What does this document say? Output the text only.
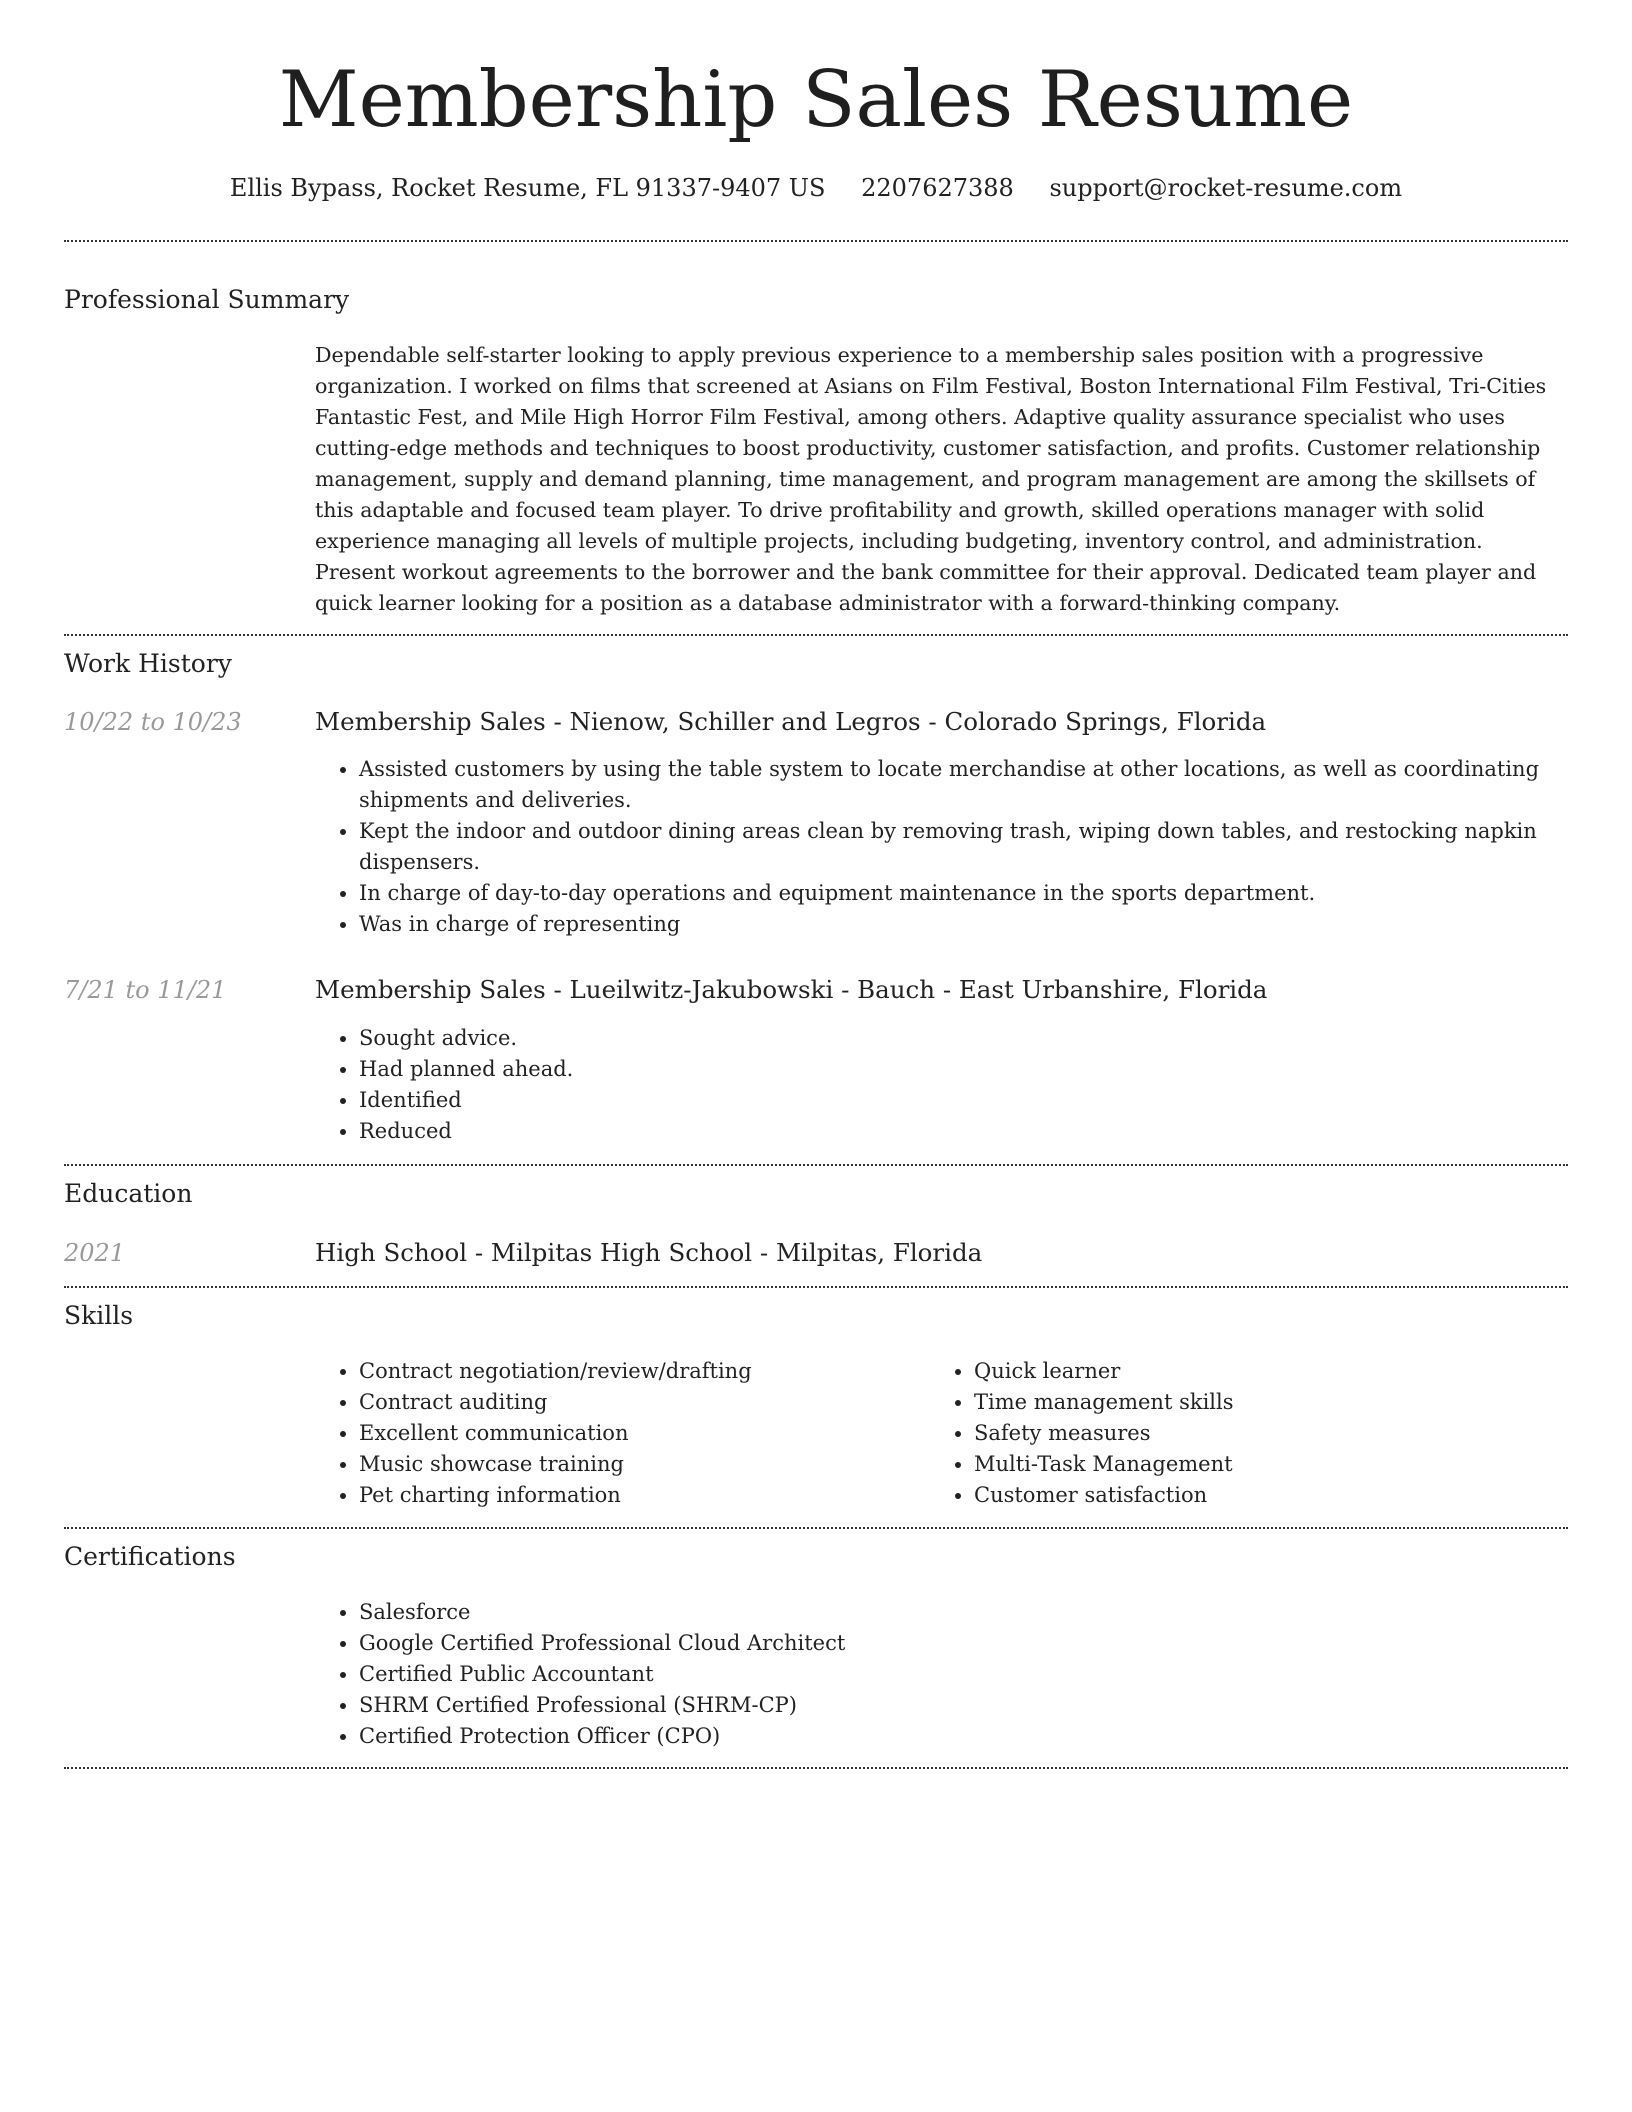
Membership Sales Resume
Ellis Bypass, Rocket Resume, FL 91337-9407 US 2207627388 support@rocket-resume.com
Professional Summary

Dependable self-starter looking to apply previous experience to a membership sales position with a progressive organization. I worked on films that screened at Asians on Film Festival, Boston International Film Festival, Tri-Cities Fantastic Fest, and Mile High Horror Film Festival, among others. Adaptive quality assurance specialist who uses cutting-edge methods and techniques to boost productivity, customer satisfaction, and profits. Customer relationship management, supply and demand planning, time management, and program management are among the skillsets of this adaptable and focused team player. To drive profitability and growth, skilled operations manager with solid experience managing all levels of multiple projects, including budgeting, inventory control, and administration. Present workout agreements to the borrower and the bank committee for their approval. Dedicated team player and quick learner looking for a position as a database administrator with a forward-thinking company.

Work History
10/22 to 10/23	Membership Sales - Nienow, Schiller and Legros - Colorado Springs, Florida
• Assisted customers by using the table system to locate merchandise at other locations, as well as coordinating shipments and deliveries.
• Kept the indoor and outdoor dining areas clean by removing trash, wiping down tables, and restocking napkin dispensers.
• In charge of day-to-day operations and equipment maintenance in the sports department.
• Was in charge of representing
7/21 to 11/21	Membership Sales - Lueilwitz-Jakubowski - Bauch - East Urbanshire, Florida
• Sought advice.
• Had planned ahead.
• Identified
• Reduced
Education
2021	High School - Milpitas High School - Milpitas, Florida
Skills
• Contract negotiation/review/drafting
• Contract auditing
• Excellent communication
• Music showcase training
• Pet charting information
• Quick learner
• Time management skills
• Safety measures
• Multi-Task Management
• Customer satisfaction
Certifications
• Salesforce
• Google Certified Professional Cloud Architect
• Certified Public Accountant
• SHRM Certified Professional (SHRM-CP)
• Certified Protection Officer (CPO)
